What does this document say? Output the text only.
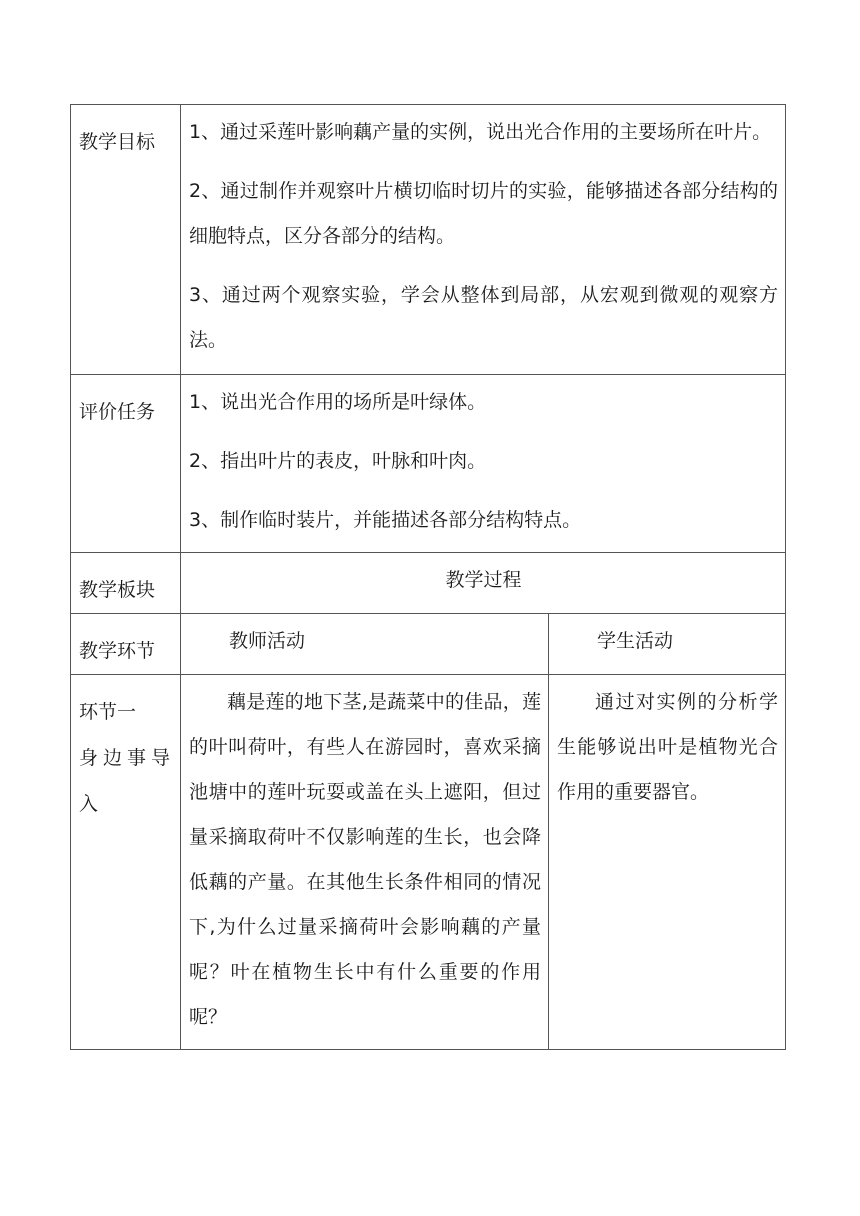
教学目标	1、通过采莲叶影响藕产量的实例，说出光合作用的主要场所在叶片。

2、通过制作并观察叶片横切临时切片的实验，能够描述各部分结构的细胞特点，区分各部分的结构。

3、通过两个观察实验，学会从整体到局部，从宏观到微观的观察方法。	

评价任务	1、说出光合作用的场所是叶绿体。

2、指出叶片的表皮，叶脉和叶肉。

3、制作临时装片，并能描述各部分结构特点。	

教学板块	教学过程	

教学环节	教师活动	学生活动

环节一
身边事导入	藕是莲的地下茎,是蔬菜中的佳品，莲的叶叫荷叶，有些人在游园时，喜欢采摘池塘中的莲叶玩耍或盖在头上遮阳，但过量采摘取荷叶不仅影响莲的生长，也会降低藕的产量。在其他生长条件相同的情况下,为什么过量采摘荷叶会影响藕的产量呢？叶在植物生长中有什么重要的作用呢？	通过对实例的分析学生能够说出叶是植物光合作用的重要器官。
